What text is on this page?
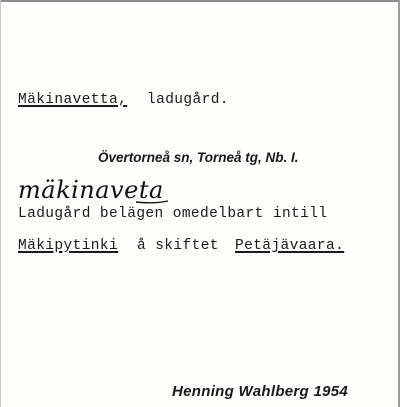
Mäkinavetta, ladugård.
Övertorneå sn, Torneå tg, Nb. I.
mäkinaveta
Ladugård belägen omedelbart intill
Mäkipytinki å skiftet Petäjävaara.
Henning Wahlberg 1954
